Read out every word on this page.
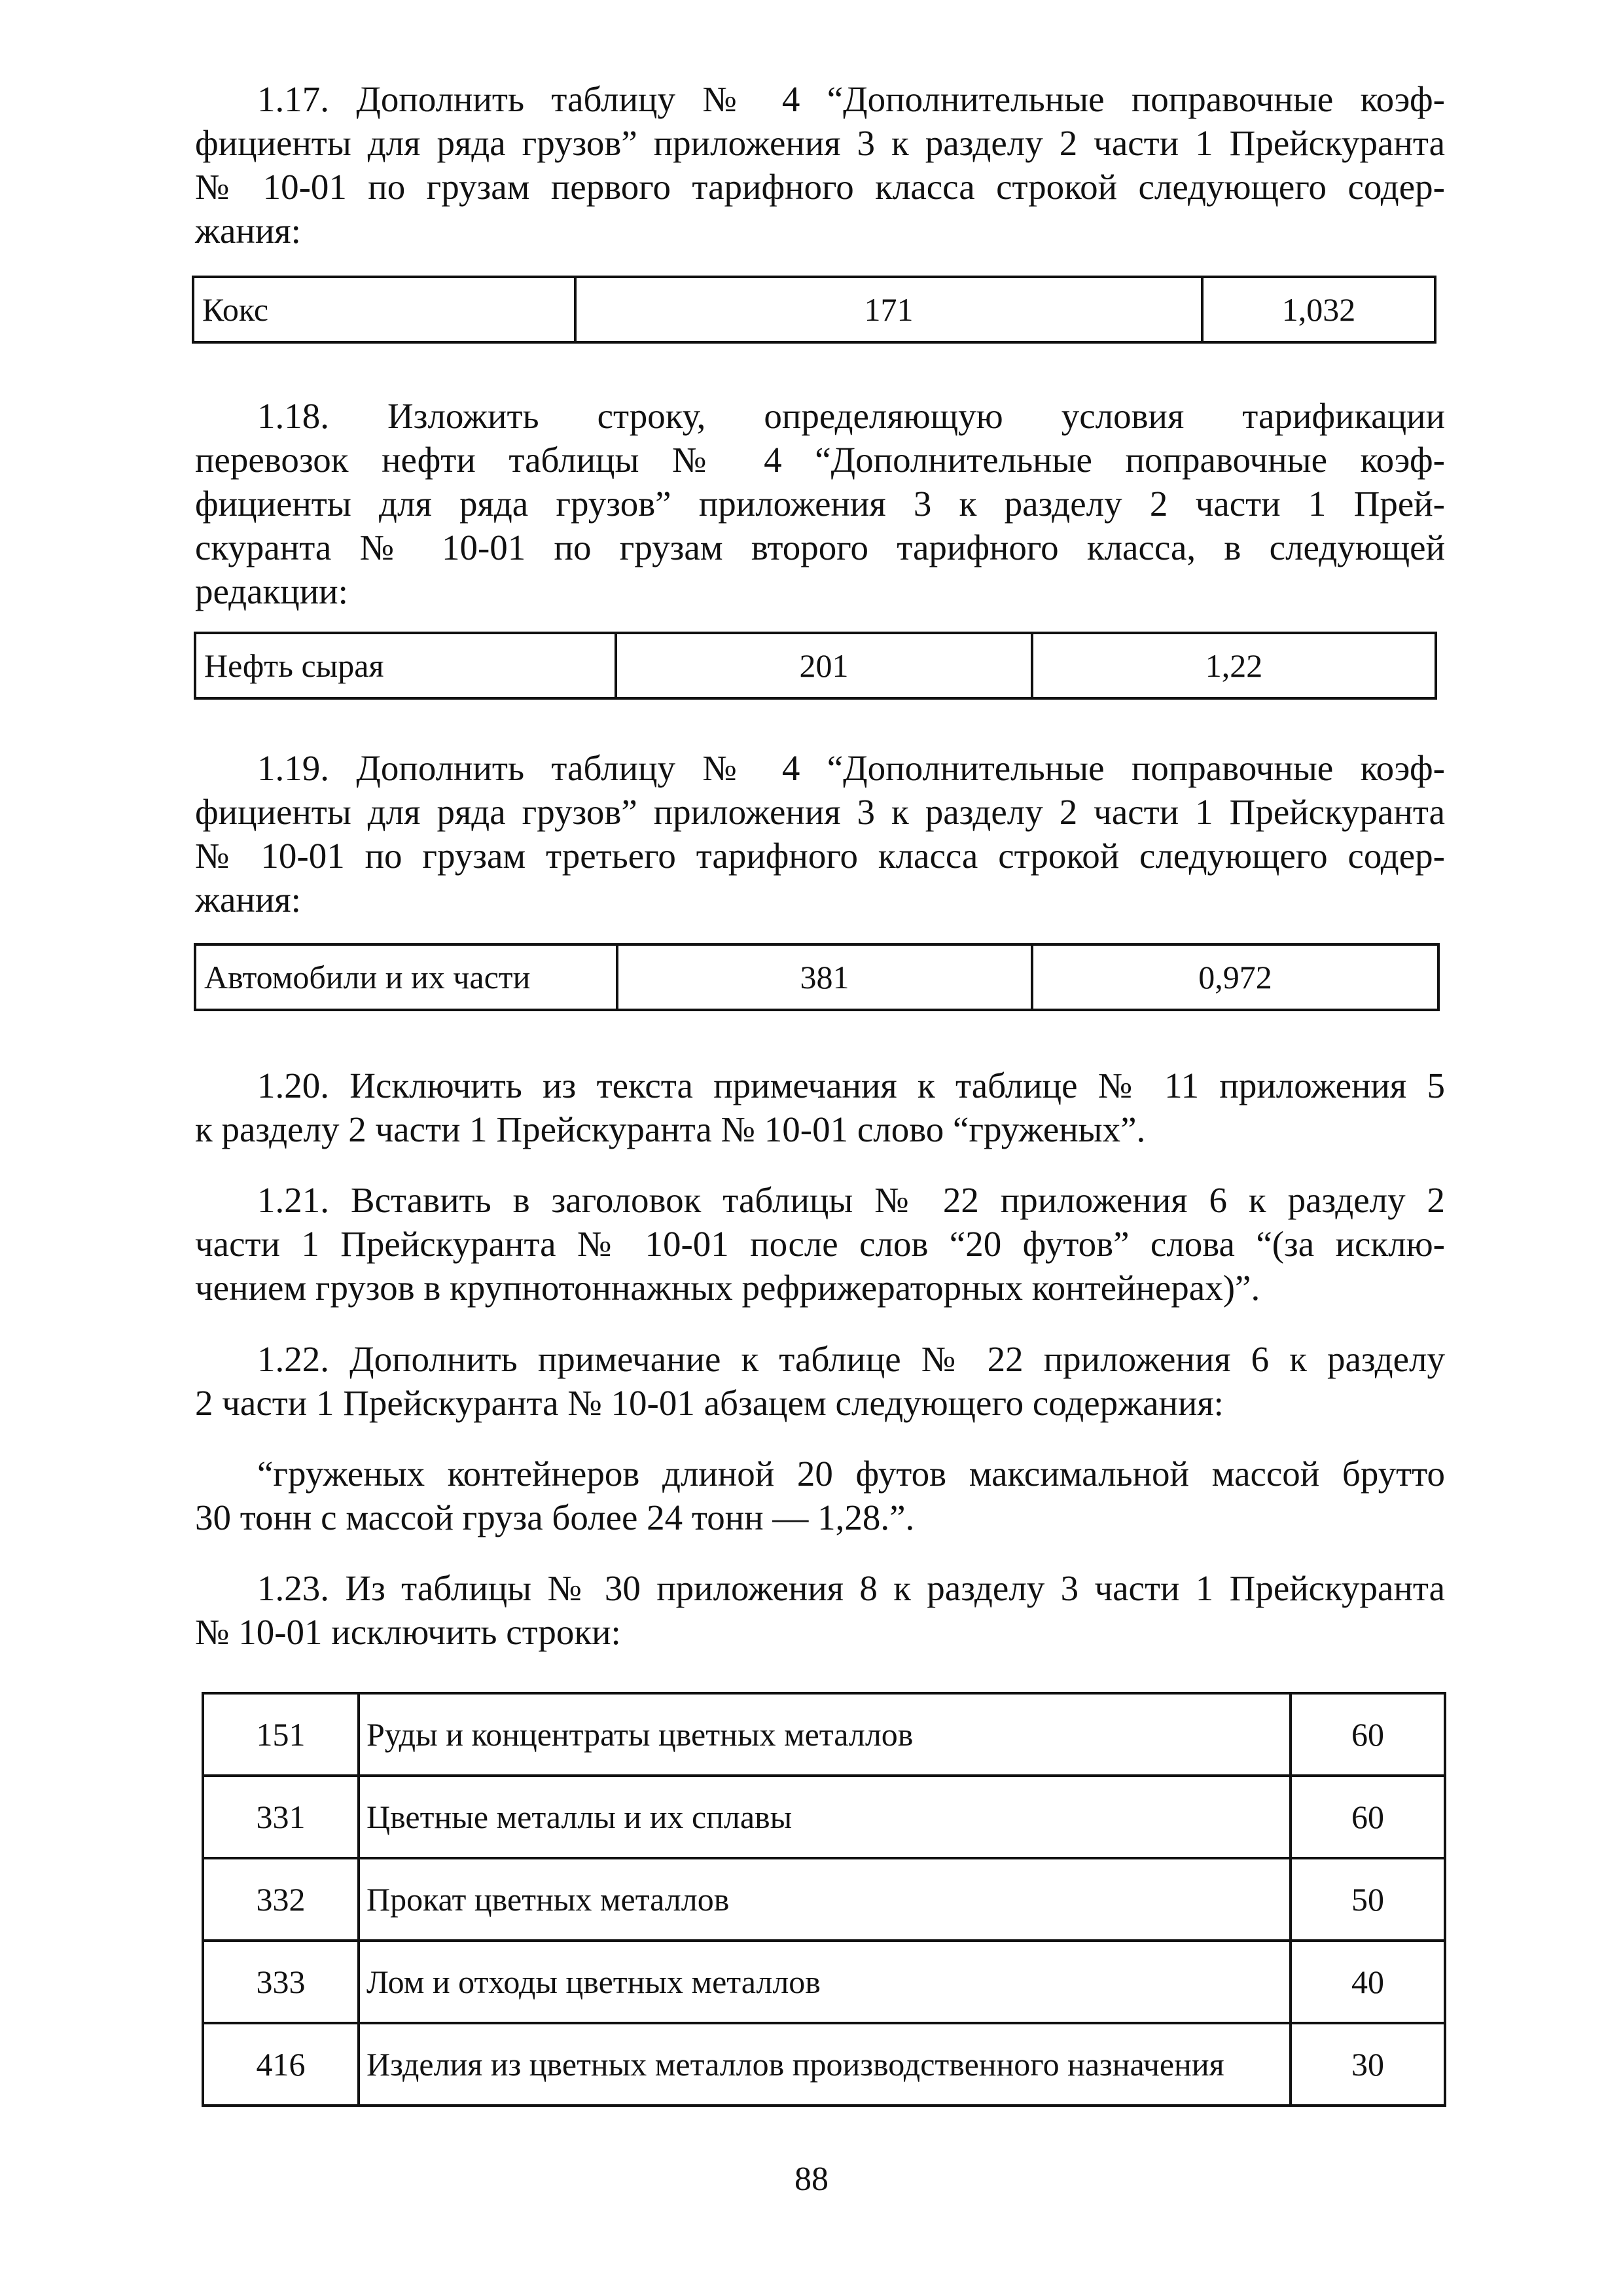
1.17. Дополнить таблицу № 4 “Дополнительные поправочные коэф-
фициенты для ряда грузов” приложения 3 к разделу 2 части 1 Прейскуранта
№ 10-01 по грузам первого тарифного класса строкой следующего содер-
жания:
Кокс	171	1,032
1.18. Изложить строку, определяющую условия тарификации
перевозок нефти таблицы № 4 “Дополнительные поправочные коэф-
фициенты для ряда грузов” приложения 3 к разделу 2 части 1 Прей-
скуранта № 10-01 по грузам второго тарифного класса, в следующей
редакции:
Нефть сырая	201	1,22
1.19. Дополнить таблицу № 4 “Дополнительные поправочные коэф-
фициенты для ряда грузов” приложения 3 к разделу 2 части 1 Прейскуранта
№ 10-01 по грузам третьего тарифного класса строкой следующего содер-
жания:
Автомобили и их части	381	0,972
1.20. Исключить из текста примечания к таблице № 11 приложения 5
к разделу 2 части 1 Прейскуранта № 10-01 слово “груженых”.
1.21. Вставить в заголовок таблицы № 22 приложения 6 к разделу 2
части 1 Прейскуранта № 10-01 после слов “20 футов” слова “(за исклю-
чением грузов в крупнотоннажных рефрижераторных контейнерах)”.
1.22. Дополнить примечание к таблице № 22 приложения 6 к разделу
2 части 1 Прейскуранта № 10-01 абзацем следующего содержания:
“груженых контейнеров длиной 20 футов максимальной массой брутто
30 тонн с массой груза более 24 тонн — 1,28.”.
1.23. Из таблицы № 30 приложения 8 к разделу 3 части 1 Прейскуранта
№ 10-01 исключить строки:
151	Руды и концентраты цветных металлов	60
331	Цветные металлы и их сплавы	60
332	Прокат цветных металлов	50
333	Лом и отходы цветных металлов	40
416	Изделия из цветных металлов производственного назначения	30
88
